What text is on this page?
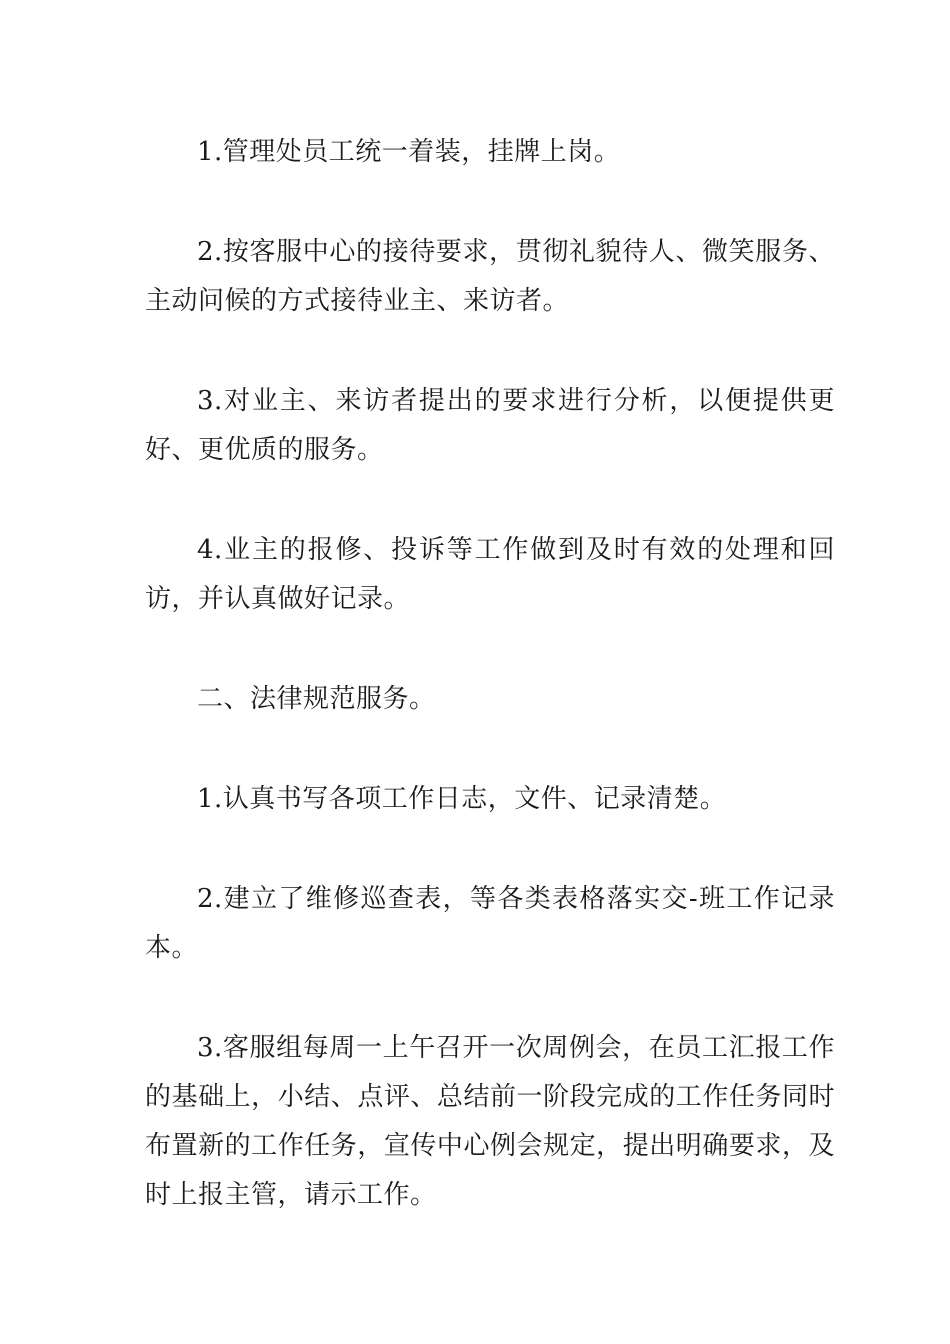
1.管理处员工统一着装，挂牌上岗。

2.按客服中心的接待要求，贯彻礼貌待人、微笑服务、主动问候的方式接待业主、来访者。

3.对业主、来访者提出的要求进行分析，以便提供更好、更优质的服务。

4.业主的报修、投诉等工作做到及时有效的处理和回访，并认真做好记录。

二、法律规范服务。

1.认真书写各项工作日志，文件、记录清楚。

2.建立了维修巡查表，等各类表格落实交-班工作记录本。

3.客服组每周一上午召开一次周例会，在员工汇报工作的基础上，小结、点评、总结前一阶段完成的工作任务同时布置新的工作任务，宣传中心例会规定，提出明确要求，及时上报主管，请示工作。
